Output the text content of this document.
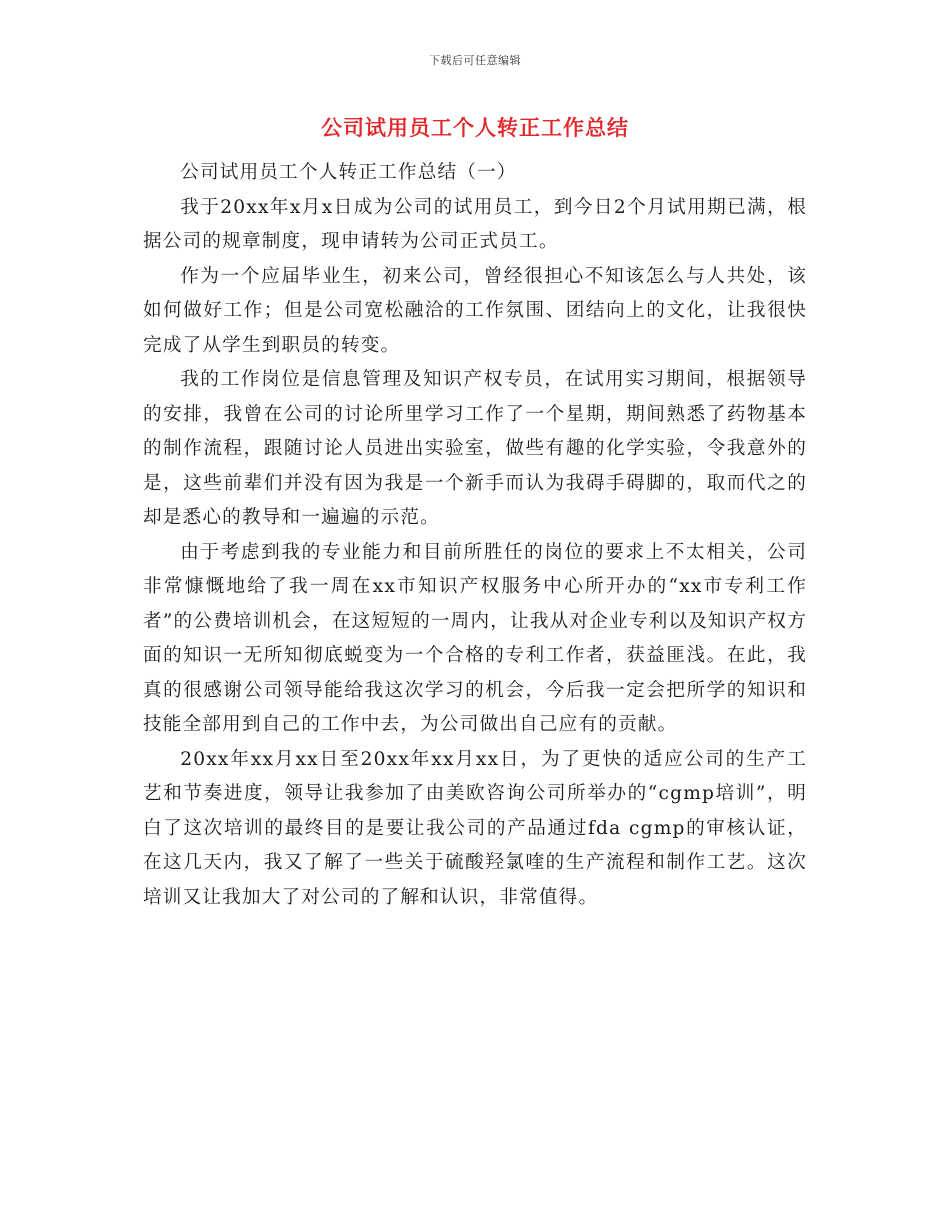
下载后可任意编辑
公司试用员工个人转正工作总结

公司试用员工个人转正工作总结（一）

我于20xx年x月x日成为公司的试用员工，到今日2个月试用期已满，根据公司的规章制度，现申请转为公司正式员工。

作为一个应届毕业生，初来公司，曾经很担心不知该怎么与人共处，该如何做好工作；但是公司宽松融洽的工作氛围、团结向上的文化，让我很快完成了从学生到职员的转变。

我的工作岗位是信息管理及知识产权专员，在试用实习期间，根据领导的安排，我曾在公司的讨论所里学习工作了一个星期，期间熟悉了药物基本的制作流程，跟随讨论人员进出实验室，做些有趣的化学实验，令我意外的是，这些前辈们并没有因为我是一个新手而认为我碍手碍脚的，取而代之的却是悉心的教导和一遍遍的示范。

由于考虑到我的专业能力和目前所胜任的岗位的要求上不太相关，公司非常慷慨地给了我一周在xx市知识产权服务中心所开办的“xx市专利工作者”的公费培训机会，在这短短的一周内，让我从对企业专利以及知识产权方面的知识一无所知彻底蜕变为一个合格的专利工作者，获益匪浅。在此，我真的很感谢公司领导能给我这次学习的机会，今后我一定会把所学的知识和技能全部用到自己的工作中去，为公司做出自己应有的贡献。

20xx年xx月xx日至20xx年xx月xx日，为了更快的适应公司的生产工艺和节奏进度，领导让我参加了由美欧咨询公司所举办的“cgmp培训”，明白了这次培训的最终目的是要让我公司的产品通过fda cgmp的审核认证，在这几天内，我又了解了一些关于硫酸羟氯喹的生产流程和制作工艺。这次培训又让我加大了对公司的了解和认识，非常值得。
